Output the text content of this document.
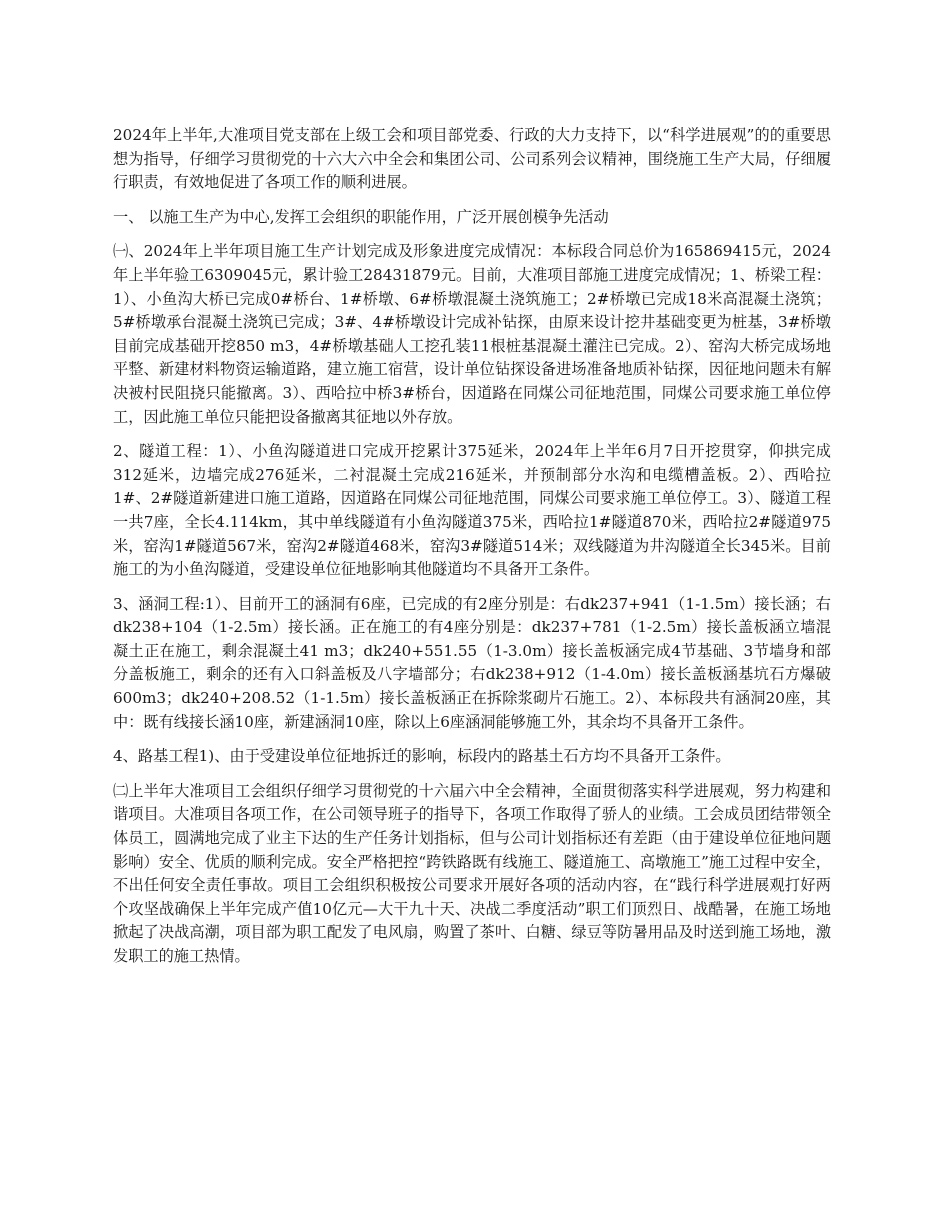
2024年上半年,大准项目党支部在上级工会和项目部党委、行政的大力支持下，以“科学进展观”的的重要思想为指导，仔细学习贯彻党的十六大六中全会和集团公司、公司系列会议精神，围绕施工生产大局，仔细履行职责，有效地促进了各项工作的顺利进展。

一、 以施工生产为中心,发挥工会组织的职能作用，广泛开展创模争先活动

㈠、2024年上半年项目施工生产计划完成及形象进度完成情况：本标段合同总价为165869415元，2024年上半年验工6309045元，累计验工28431879元。目前，大准项目部施工进度完成情况；1、桥梁工程：1）、小鱼沟大桥已完成0#桥台、1#桥墩、6#桥墩混凝土浇筑施工；2#桥墩已完成18米高混凝土浇筑；5#桥墩承台混凝土浇筑已完成；3#、4#桥墩设计完成补钻探，由原来设计挖井基础变更为桩基，3#桥墩目前完成基础开挖850 m3，4#桥墩基础人工挖孔装11根桩基混凝土灌注已完成。2）、窑沟大桥完成场地平整、新建材料物资运输道路，建立施工宿营，设计单位钻探设备进场准备地质补钻探，因征地问题未有解决被村民阻挠只能撤离。3）、西哈拉中桥3#桥台，因道路在同煤公司征地范围，同煤公司要求施工单位停工，因此施工单位只能把设备撤离其征地以外存放。

2、隧道工程：1）、小鱼沟隧道进口完成开挖累计375延米，2024年上半年6月7日开挖贯穿，仰拱完成312延米，边墙完成276延米，二衬混凝土完成216延米，并预制部分水沟和电缆槽盖板。2）、西哈拉1#、2#隧道新建进口施工道路，因道路在同煤公司征地范围，同煤公司要求施工单位停工。3）、隧道工程一共7座，全长4.114km，其中单线隧道有小鱼沟隧道375米，西哈拉1#隧道870米，西哈拉2#隧道975米，窑沟1#隧道567米，窑沟2#隧道468米，窑沟3#隧道514米；双线隧道为井沟隧道全长345米。目前施工的为小鱼沟隧道，受建设单位征地影响其他隧道均不具备开工条件。

3、涵洞工程:1）、目前开工的涵洞有6座，已完成的有2座分别是：右dk237+941（1-1.5m）接长涵；右dk238+104（1-2.5m）接长涵。正在施工的有4座分别是：dk237+781（1-2.5m）接长盖板涵立墙混凝土正在施工，剩余混凝土41 m3；dk240+551.55（1-3.0m）接长盖板涵完成4节基础、3节墙身和部分盖板施工，剩余的还有入口斜盖板及八字墙部分；右dk238+912（1-4.0m）接长盖板涵基坑石方爆破600m3；dk240+208.52（1-1.5m）接长盖板涵正在拆除浆砌片石施工。2）、本标段共有涵洞20座，其中：既有线接长涵10座，新建涵洞10座，除以上6座涵洞能够施工外，其余均不具备开工条件。

4、路基工程1)、由于受建设单位征地拆迁的影响，标段内的路基土石方均不具备开工条件。

㈡上半年大准项目工会组织仔细学习贯彻党的十六届六中全会精神，全面贯彻落实科学进展观，努力构建和谐项目。大准项目各项工作，在公司领导班子的指导下，各项工作取得了骄人的业绩。工会成员团结带领全体员工，圆满地完成了业主下达的生产任务计划指标，但与公司计划指标还有差距（由于建设单位征地问题影响）安全、优质的顺利完成。安全严格把控“跨铁路既有线施工、隧道施工、高墩施工”施工过程中安全，不出任何安全责任事故。项目工会组织积极按公司要求开展好各项的活动内容，在“践行科学进展观打好两个攻坚战确保上半年完成产值10亿元—大干九十天、决战二季度活动”职工们顶烈日、战酷暑，在施工场地掀起了决战高潮，项目部为职工配发了电风扇，购置了茶叶、白糖、绿豆等防暑用品及时送到施工场地，激发职工的施工热情。
